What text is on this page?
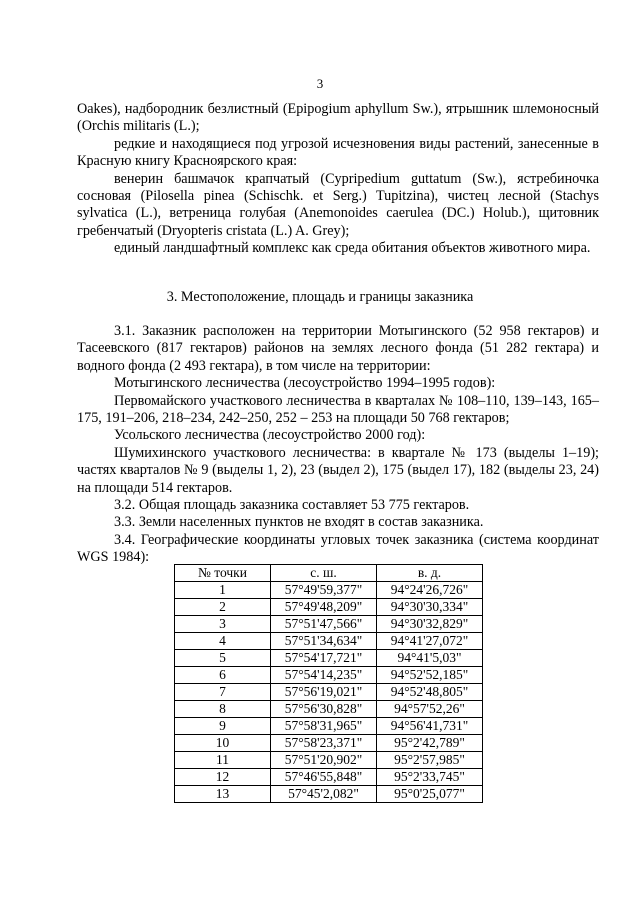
3

Oakes), надбородник безлистный (Epipogium aphyllum Sw.), ятрышник шлемоносный (Orchis militaris (L.);

редкие и находящиеся под угрозой исчезновения виды растений, занесенные в Красную книгу Красноярского края:

венерин башмачок крапчатый (Cypripedium guttatum (Sw.), ястребиночка сосновая (Pilosella pinea (Schischk. et Serg.) Tupitzina), чистец лесной (Stachys sylvatica (L.), ветреница голубая (Anemonoides caerulea (DC.) Holub.), щитовник гребенчатый (Dryopteris cristata (L.) A. Grey);

единый ландшафтный комплекс как среда обитания объектов животного мира.

3. Местоположение, площадь и границы заказника

3.1. Заказник расположен на территории Мотыгинского (52 958 гектаров) и Тасеевского (817 гектаров) районов на землях лесного фонда (51 282 гектара) и водного фонда (2 493 гектара), в том числе на территории:

Мотыгинского лесничества (лесоустройство 1994–1995 годов):

Первомайского участкового лесничества в кварталах № 108–110, 139–143, 165–175, 191–206, 218–234, 242–250, 252 – 253 на площади 50 768 гектаров;

Усольского лесничества (лесоустройство 2000 год):

Шумихинского участкового лесничества: в квартале № 173 (выделы 1–19); частях кварталов № 9 (выделы 1, 2), 23 (выдел 2), 175 (выдел 17), 182 (выделы 23, 24) на площади 514 гектаров.

3.2. Общая площадь заказника составляет 53 775 гектаров.

3.3. Земли населенных пунктов не входят в состав заказника.

3.4. Географические координаты угловых точек заказника (система координат WGS 1984):

№ точки	с. ш.	в. д.
1	57°49'59,377"	94°24'26,726"
2	57°49'48,209"	94°30'30,334"
3	57°51'47,566"	94°30'32,829"
4	57°51'34,634"	94°41'27,072"
5	57°54'17,721"	94°41'5,03"
6	57°54'14,235"	94°52'52,185"
7	57°56'19,021"	94°52'48,805"
8	57°56'30,828"	94°57'52,26"
9	57°58'31,965"	94°56'41,731"
10	57°58'23,371"	95°2'42,789"
11	57°51'20,902"	95°2'57,985"
12	57°46'55,848"	95°2'33,745"
13	57°45'2,082"	95°0'25,077"
